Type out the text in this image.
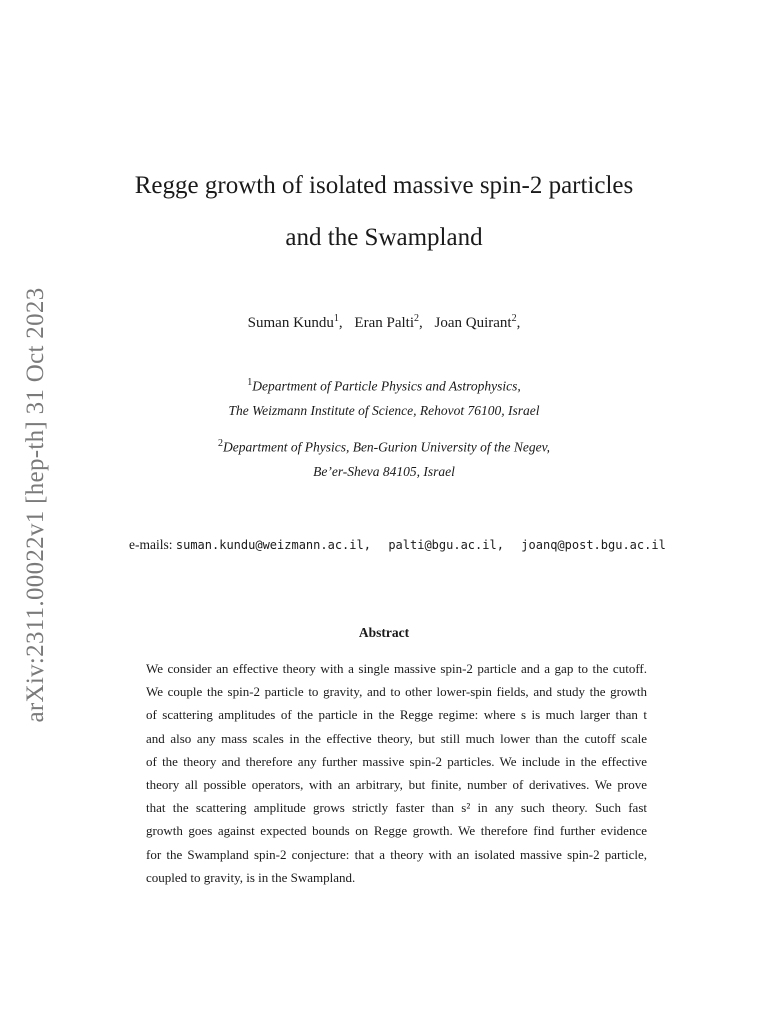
arXiv:2311.00022v1 [hep-th] 31 Oct 2023
Regge growth of isolated massive spin-2 particles
and the Swampland
Suman Kundu$^1$, Eran Palti$^2$, Joan Quirant$^2$,
$^1$Department of Particle Physics and Astrophysics,
The Weizmann Institute of Science, Rehovot 76100, Israel
$^2$Department of Physics, Ben-Gurion University of the Negev,
Be’er-Sheva 84105, Israel
e-mails: suman.kundu@weizmann.ac.il, palti@bgu.ac.il, joanq@post.bgu.ac.il
Abstract
We consider an effective theory with a single massive spin-2 particle and a gap to the cutoff.
We couple the spin-2 particle to gravity, and to other lower-spin fields, and study the growth
of scattering amplitudes of the particle in the Regge regime: where s is much larger than t
and also any mass scales in the effective theory, but still much lower than the cutoff scale
of the theory and therefore any further massive spin-2 particles. We include in the effective
theory all possible operators, with an arbitrary, but finite, number of derivatives. We prove
that the scattering amplitude grows strictly faster than s² in any such theory. Such fast
growth goes against expected bounds on Regge growth. We therefore find further evidence
for the Swampland spin-2 conjecture: that a theory with an isolated massive spin-2 particle,
coupled to gravity, is in the Swampland.
